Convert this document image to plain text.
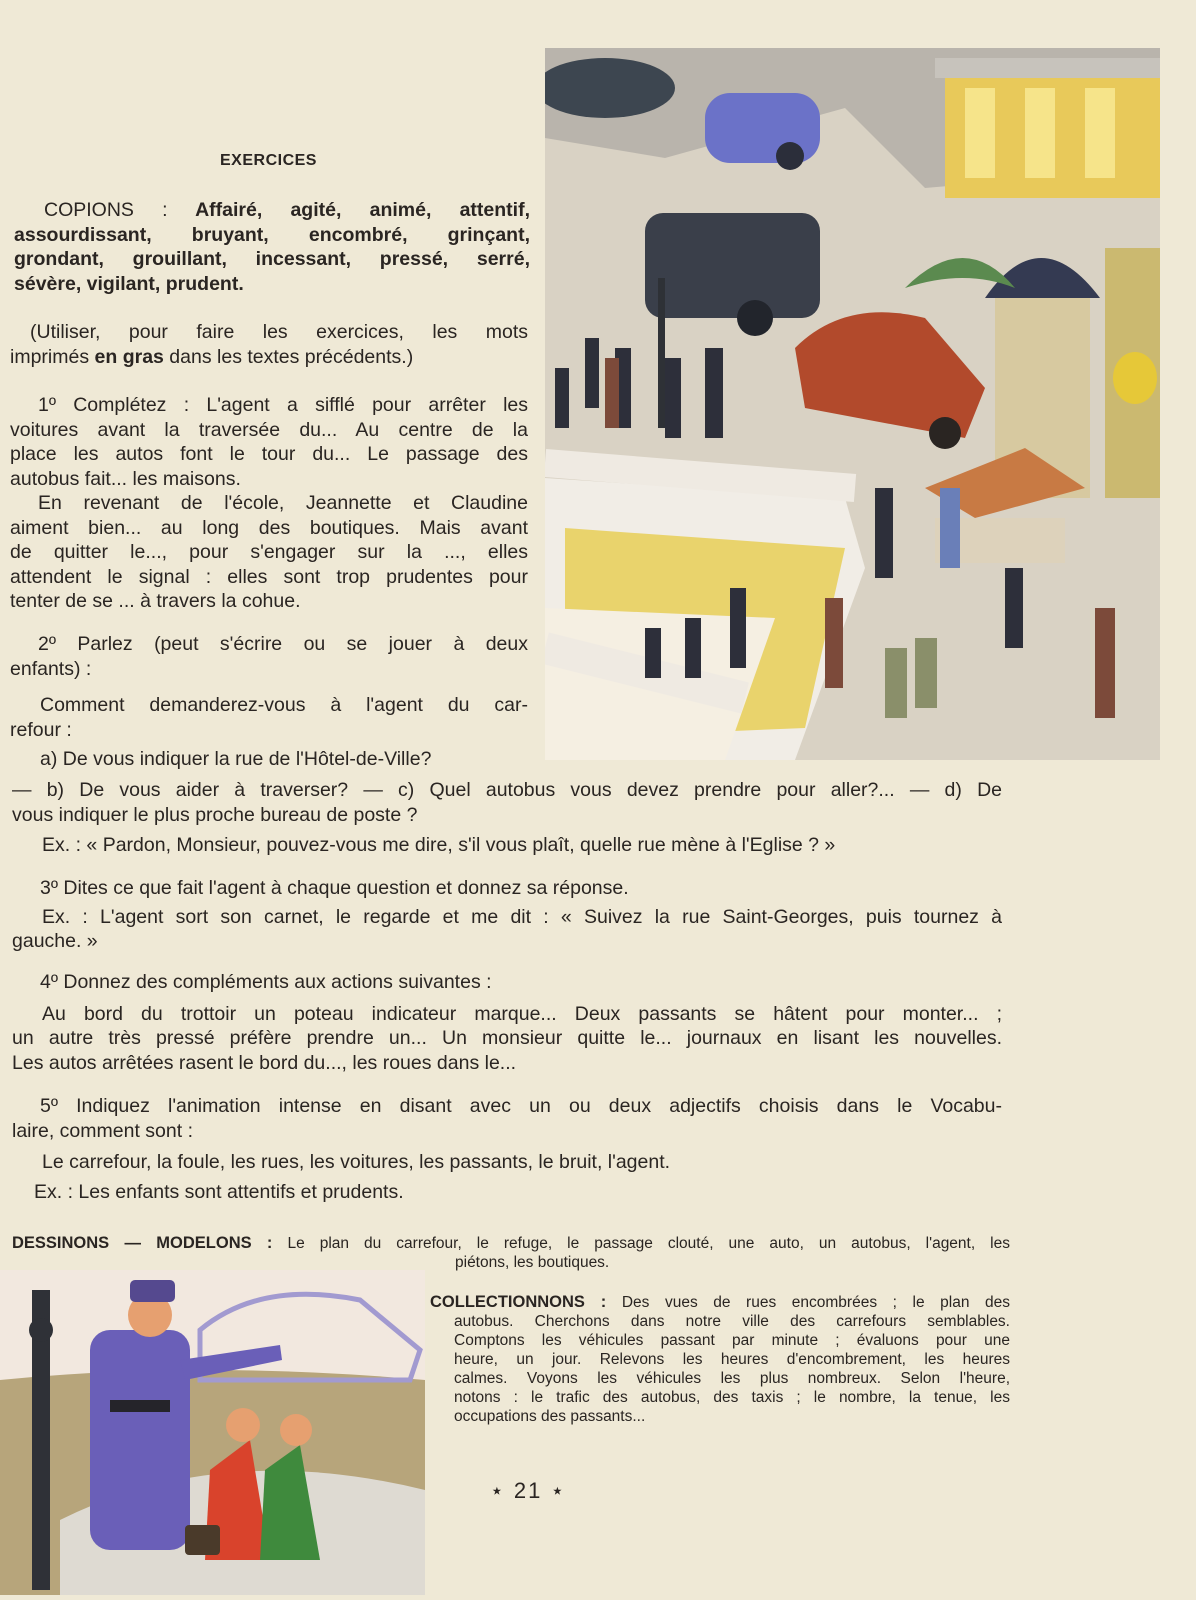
EXERCICES
COPIONS : Affairé, agité, animé, attentif,
assourdissant, bruyant, encombré, grinçant,
grondant, grouillant, incessant, pressé, serré,
sévère, vigilant, prudent.
(Utiliser, pour faire les exercices, les mots
imprimés en gras dans les textes précédents.)
1º Complétez : L'agent a sifflé pour arrêter les
voitures avant la traversée du... Au centre de la
place les autos font le tour du... Le passage des
autobus fait... les maisons.
En revenant de l'école, Jeannette et Claudine
aiment bien... au long des boutiques. Mais avant
de quitter le..., pour s'engager sur la ..., elles
attendent le signal : elles sont trop prudentes pour
tenter de se ... à travers la cohue.
2º Parlez (peut s'écrire ou se jouer à deux
enfants) :
Comment demanderez-vous à l'agent du car-
refour :
a) De vous indiquer la rue de l'Hôtel-de-Ville?
— b) De vous aider à traverser? — c) Quel autobus vous devez prendre pour aller?... — d) De
vous indiquer le plus proche bureau de poste ?
Ex. : « Pardon, Monsieur, pouvez-vous me dire, s'il vous plaît, quelle rue mène à l'Eglise ? »
3º Dites ce que fait l'agent à chaque question et donnez sa réponse.
Ex. : L'agent sort son carnet, le regarde et me dit : « Suivez la rue Saint-Georges, puis tournez à
gauche. »
4º Donnez des compléments aux actions suivantes :
Au bord du trottoir un poteau indicateur marque... Deux passants se hâtent pour monter... ;
un autre très pressé préfère prendre un... Un monsieur quitte le... journaux en lisant les nouvelles.
Les autos arrêtées rasent le bord du..., les roues dans le...
5º Indiquez l'animation intense en disant avec un ou deux adjectifs choisis dans le Vocabu-
laire, comment sont :
Le carrefour, la foule, les rues, les voitures, les passants, le bruit, l'agent.
Ex. : Les enfants sont attentifs et prudents.
DESSINONS — MODELONS : Le plan du carrefour, le refuge, le passage clouté, une auto, un autobus, l'agent, les
piétons, les boutiques.
COLLECTIONNONS : Des vues de rues encombrées ; le plan des
autobus. Cherchons dans notre ville des carrefours semblables.
Comptons les véhicules passant par minute ; évaluons pour une
heure, un jour. Relevons les heures d'encombrement, les heures
calmes. Voyons les véhicules les plus nombreux. Selon l'heure,
notons : le trafic des autobus, des taxis ; le nombre, la tenue, les
occupations des passants...
⋆ 21 ⋆
